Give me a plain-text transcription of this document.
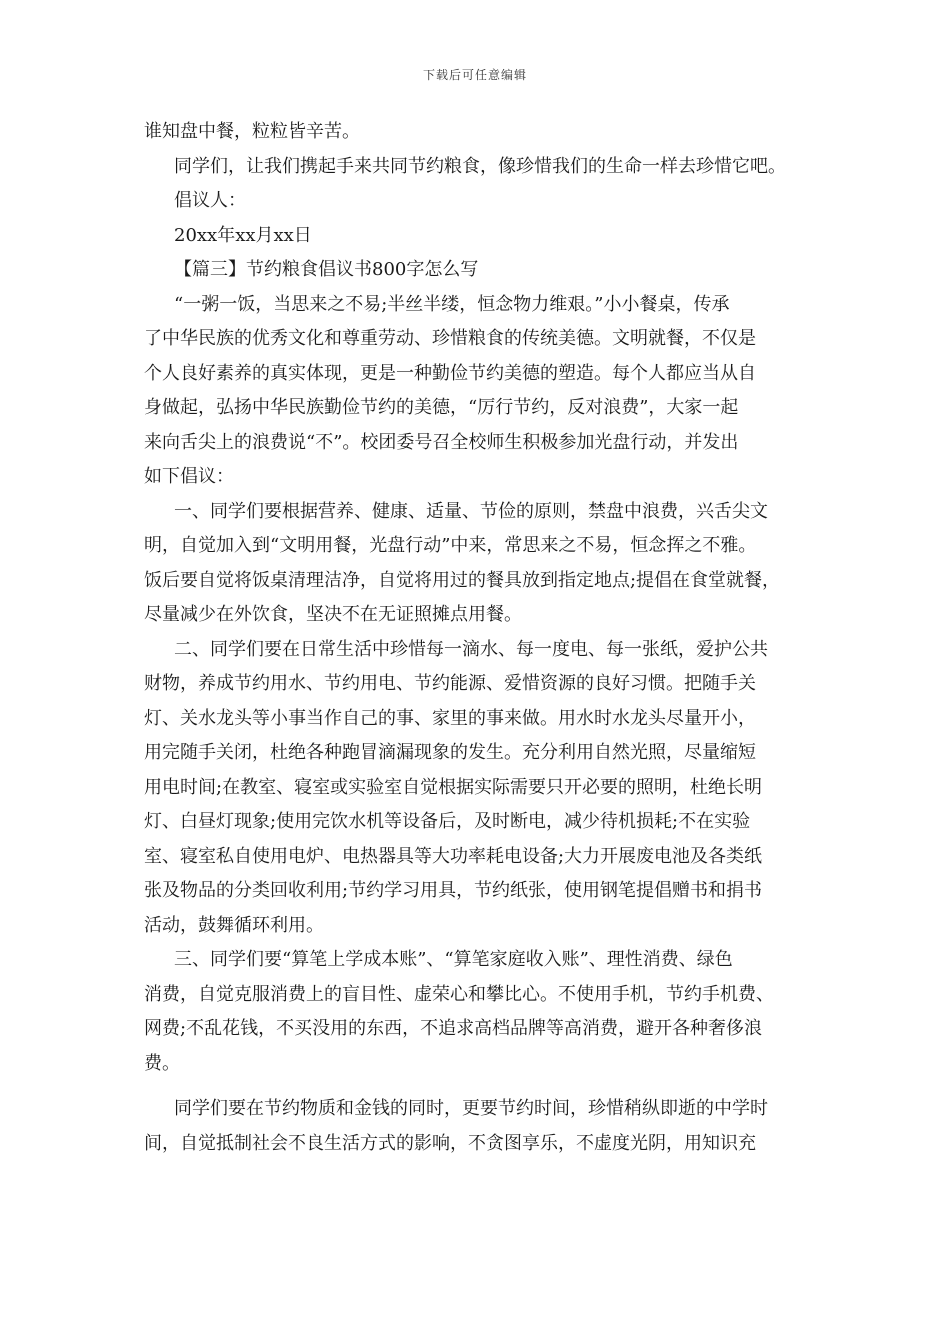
下载后可任意编辑
谁知盘中餐，粒粒皆辛苦。
同学们，让我们携起手来共同节约粮食，像珍惜我们的生命一样去珍惜它吧。
倡议人：
20xx年xx月xx日
【篇三】节约粮食倡议书800字怎么写
“一粥一饭，当思来之不易;半丝半缕，恒念物力维艰。”小小餐桌，传承
了中华民族的优秀文化和尊重劳动、珍惜粮食的传统美德。文明就餐，不仅是
个人良好素养的真实体现，更是一种勤俭节约美德的塑造。每个人都应当从自
身做起，弘扬中华民族勤俭节约的美德，“厉行节约，反对浪费”，大家一起
来向舌尖上的浪费说“不”。校团委号召全校师生积极参加光盘行动，并发出
如下倡议：
一、同学们要根据营养、健康、适量、节俭的原则，禁盘中浪费，兴舌尖文
明，自觉加入到“文明用餐，光盘行动”中来，常思来之不易，恒念挥之不雅。
饭后要自觉将饭桌清理洁净，自觉将用过的餐具放到指定地点;提倡在食堂就餐，
尽量减少在外饮食，坚决不在无证照摊点用餐。
二、同学们要在日常生活中珍惜每一滴水、每一度电、每一张纸，爱护公共
财物，养成节约用水、节约用电、节约能源、爱惜资源的良好习惯。把随手关
灯、关水龙头等小事当作自己的事、家里的事来做。用水时水龙头尽量开小，
用完随手关闭，杜绝各种跑冒滴漏现象的发生。充分利用自然光照，尽量缩短
用电时间;在教室、寝室或实验室自觉根据实际需要只开必要的照明，杜绝长明
灯、白昼灯现象;使用完饮水机等设备后，及时断电，减少待机损耗;不在实验
室、寝室私自使用电炉、电热器具等大功率耗电设备;大力开展废电池及各类纸
张及物品的分类回收利用;节约学习用具，节约纸张，使用钢笔提倡赠书和捐书
活动，鼓舞循环利用。
三、同学们要“算笔上学成本账”、“算笔家庭收入账”、理性消费、绿色
消费，自觉克服消费上的盲目性、虚荣心和攀比心。不使用手机，节约手机费、
网费;不乱花钱，不买没用的东西，不追求高档品牌等高消费，避开各种奢侈浪
费。
同学们要在节约物质和金钱的同时，更要节约时间，珍惜稍纵即逝的中学时
间，自觉抵制社会不良生活方式的影响，不贪图享乐，不虚度光阴，用知识充
